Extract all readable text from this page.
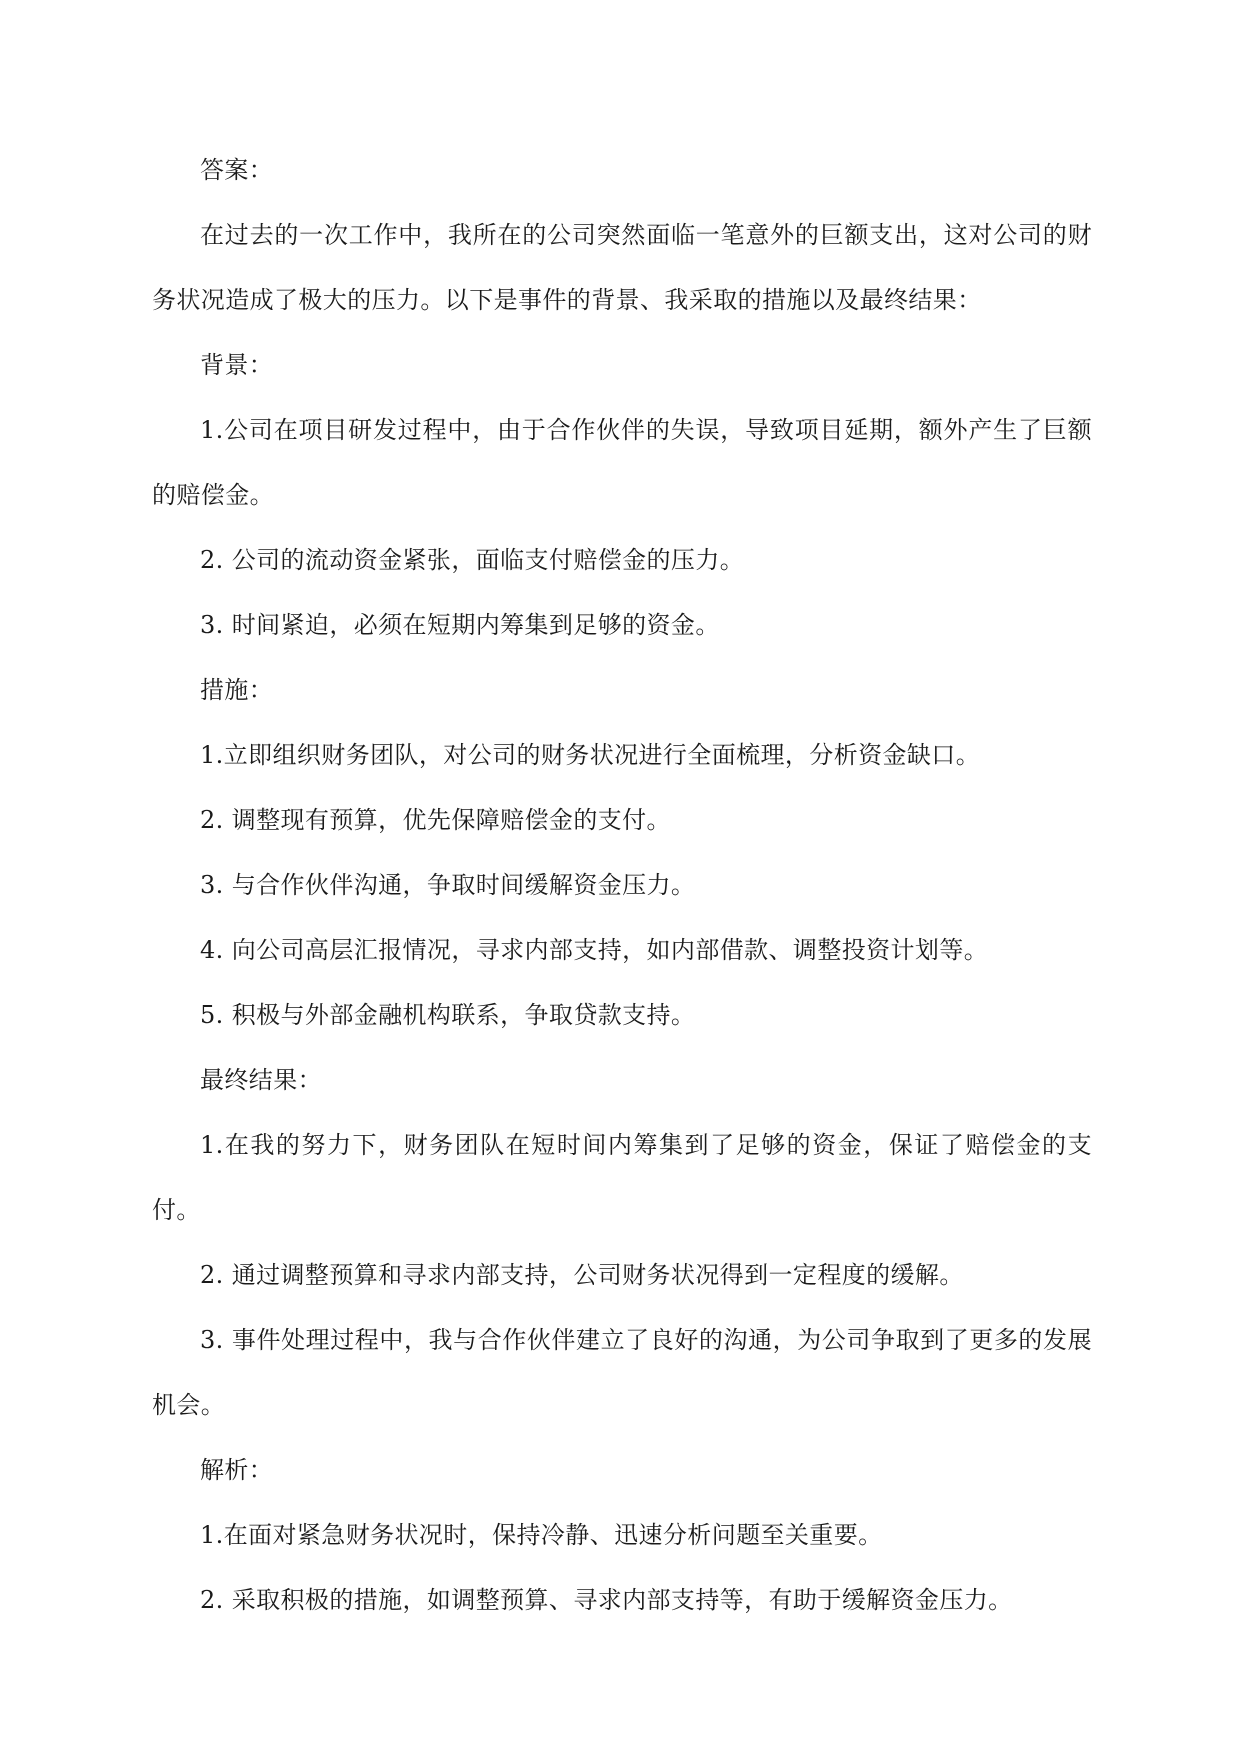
答案：

在过去的一次工作中，我所在的公司突然面临一笔意外的巨额支出，这对公司的财务状况造成了极大的压力。以下是事件的背景、我采取的措施以及最终结果：

背景：

1.公司在项目研发过程中，由于合作伙伴的失误，导致项目延期，额外产生了巨额的赔偿金。

2. 公司的流动资金紧张，面临支付赔偿金的压力。

3. 时间紧迫，必须在短期内筹集到足够的资金。

措施：

1.立即组织财务团队，对公司的财务状况进行全面梳理，分析资金缺口。

2. 调整现有预算，优先保障赔偿金的支付。

3. 与合作伙伴沟通，争取时间缓解资金压力。

4. 向公司高层汇报情况，寻求内部支持，如内部借款、调整投资计划等。

5. 积极与外部金融机构联系，争取贷款支持。

最终结果：

1.在我的努力下，财务团队在短时间内筹集到了足够的资金，保证了赔偿金的支付。

2. 通过调整预算和寻求内部支持，公司财务状况得到一定程度的缓解。

3. 事件处理过程中，我与合作伙伴建立了良好的沟通，为公司争取到了更多的发展机会。

解析：

1.在面对紧急财务状况时，保持冷静、迅速分析问题至关重要。

2. 采取积极的措施，如调整预算、寻求内部支持等，有助于缓解资金压力。
